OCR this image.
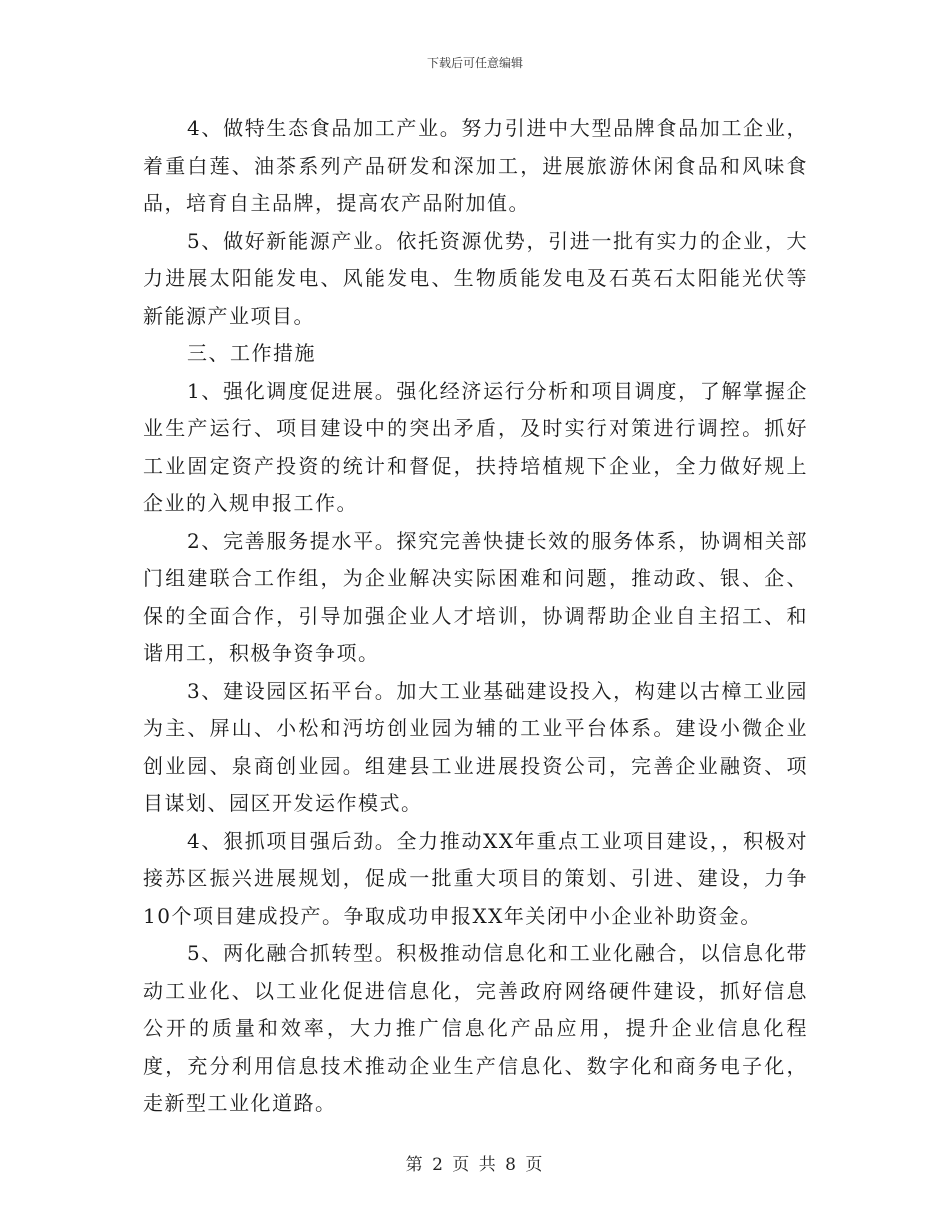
下载后可任意编辑

4、做特生态食品加工产业。努力引进中大型品牌食品加工企业，着重白莲、油茶系列产品研发和深加工，进展旅游休闲食品和风味食品，培育自主品牌，提高农产品附加值。

5、做好新能源产业。依托资源优势，引进一批有实力的企业，大力进展太阳能发电、风能发电、生物质能发电及石英石太阳能光伏等新能源产业项目。

三、工作措施

1、强化调度促进展。强化经济运行分析和项目调度，了解掌握企业生产运行、项目建设中的突出矛盾，及时实行对策进行调控。抓好工业固定资产投资的统计和督促，扶持培植规下企业，全力做好规上企业的入规申报工作。

2、完善服务提水平。探究完善快捷长效的服务体系，协调相关部门组建联合工作组，为企业解决实际困难和问题，推动政、银、企、保的全面合作，引导加强企业人才培训，协调帮助企业自主招工、和谐用工，积极争资争项。

3、建设园区拓平台。加大工业基础建设投入，构建以古樟工业园为主、屏山、小松和沔坊创业园为辅的工业平台体系。建设小微企业创业园、泉商创业园。组建县工业进展投资公司，完善企业融资、项目谋划、园区开发运作模式。

4、狠抓项目强后劲。全力推动XX年重点工业项目建设，，积极对接苏区振兴进展规划，促成一批重大项目的策划、引进、建设，力争10个项目建成投产。争取成功申报XX年关闭中小企业补助资金。

5、两化融合抓转型。积极推动信息化和工业化融合，以信息化带动工业化、以工业化促进信息化，完善政府网络硬件建设，抓好信息公开的质量和效率，大力推广信息化产品应用，提升企业信息化程度，充分利用信息技术推动企业生产信息化、数字化和商务电子化，走新型工业化道路。

第 2 页 共 8 页
